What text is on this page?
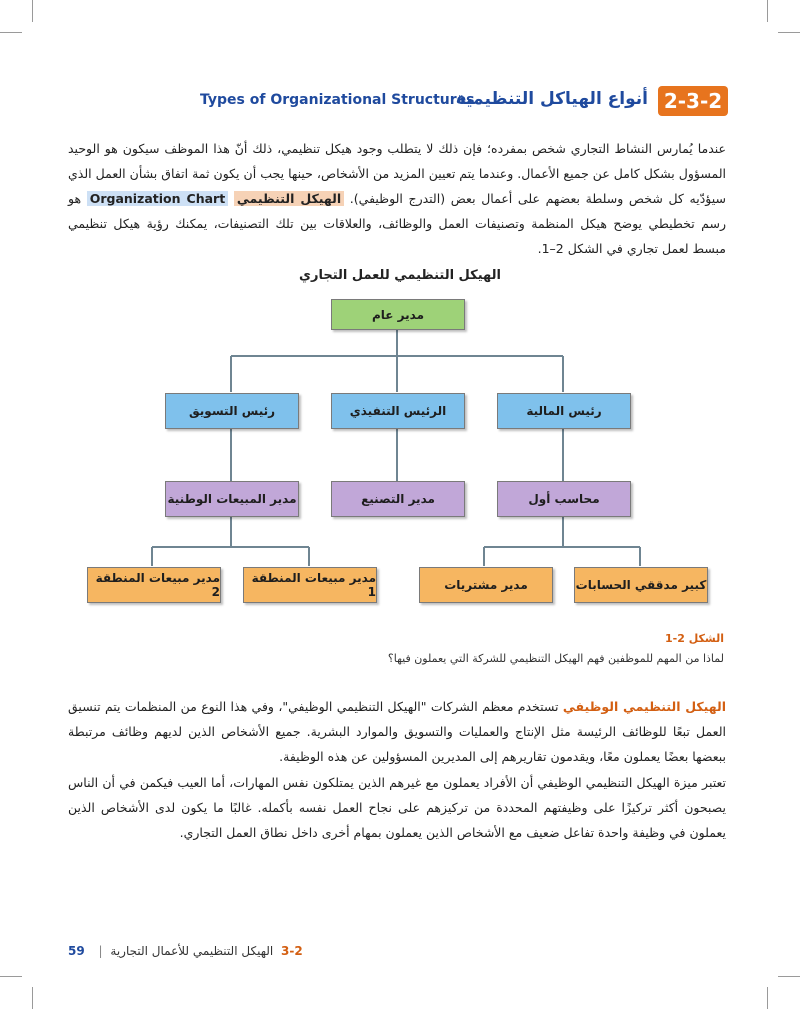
2-3-2
أنواع الهياكل التنظيمية
Types of Organizational Structures
عندما يُمارس النشاط التجاري شخص بمفرده؛ فإن ذلك لا يتطلب وجود هيكل تنظيمي، ذلك أنّ هذا الموظف سيكون هو الوحيد المسؤول بشكل كامل عن جميع الأعمال. وعندما يتم تعيين المزيد من الأشخاص، حينها يجب أن يكون ثمة اتفاق بشأن العمل الذي سيؤدّيه كل شخص وسلطة بعضهم على أعمال بعض (التدرج الوظيفي). الهيكل التنظيمي Organization Chart هو رسم تخطيطي يوضح هيكل المنظمة وتصنيفات العمل والوظائف، والعلاقات بين تلك التصنيفات، يمكنك رؤية هيكل تنظيمي مبسط لعمل تجاري في الشكل 2–1.
الهيكل التنظيمي للعمل التجاري
مدير عام
رئيس المالية
الرئيس التنفيذي
رئيس التسويق
محاسب أول
مدير التصنيع
مدير المبيعات الوطنية
كبير مدققي الحسابات
مدير مشتريات
مدير مبيعات المنطقة 1
مدير مبيعات المنطقة 2
الشكل 2-1
لماذا من المهم للموظفين فهم الهيكل التنظيمي للشركة التي يعملون فيها؟
الهيكل التنظيمي الوظيفي تستخدم معظم الشركات "الهيكل التنظيمي الوظيفي"، وفي هذا النوع من المنظمات يتم تنسيق العمل تبعًا للوظائف الرئيسة مثل الإنتاج والعمليات والتسويق والموارد البشرية. جميع الأشخاص الذين لديهم وظائف مرتبطة ببعضها بعضًا يعملون معًا، ويقدمون تقاريرهم إلى المديرين المسؤولين عن هذه الوظيفة.
تعتبر ميزة الهيكل التنظيمي الوظيفي أن الأفراد يعملون مع غيرهم الذين يمتلكون نفس المهارات، أما العيب فيكمن في أن الناس يصبحون أكثر تركيزًا على وظيفتهم المحددة من تركيزهم على نجاح العمل نفسه بأكمله. غالبًا ما يكون لدى الأشخاص الذين يعملون في وظيفة واحدة تفاعل ضعيف مع الأشخاص الذين يعملون بمهام أخرى داخل نطاق العمل التجاري.
59 | الهيكل التنظيمي للأعمال التجارية 3-2
